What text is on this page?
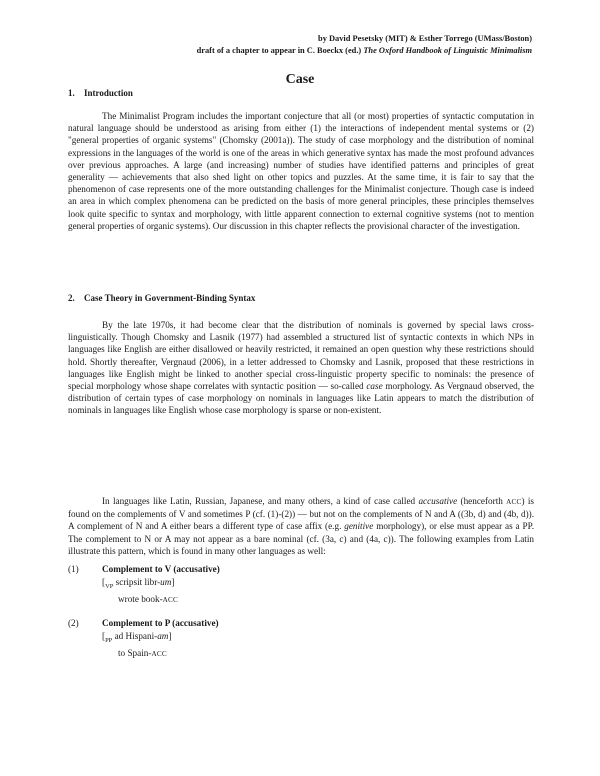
by David Pesetsky (MIT) & Esther Torrego (UMass/Boston)
draft of a chapter to appear in C. Boeckx (ed.) The Oxford Handbook of Linguistic Minimalism
Case
1. Introduction
The Minimalist Program includes the important conjecture that all (or most) properties of syntactic computation in natural language should be understood as arising from either (1) the interactions of independent mental systems or (2) "general properties of organic systems" (Chomsky (2001a)). The study of case morphology and the distribution of nominal expressions in the languages of the world is one of the areas in which generative syntax has made the most profound advances over previous approaches. A large (and increasing) number of studies have identified patterns and principles of great generality — achievements that also shed light on other topics and puzzles. At the same time, it is fair to say that the phenomenon of case represents one of the more outstanding challenges for the Minimalist conjecture. Though case is indeed an area in which complex phenomena can be predicted on the basis of more general principles, these principles themselves look quite specific to syntax and morphology, with little apparent connection to external cognitive systems (not to mention general properties of organic systems). Our discussion in this chapter reflects the provisional character of the investigation.
2. Case Theory in Government-Binding Syntax
By the late 1970s, it had become clear that the distribution of nominals is governed by special laws cross-linguistically. Though Chomsky and Lasnik (1977) had assembled a structured list of syntactic contexts in which NPs in languages like English are either disallowed or heavily restricted, it remained an open question why these restrictions should hold. Shortly thereafter, Vergnaud (2006), in a letter addressed to Chomsky and Lasnik, proposed that these restrictions in languages like English might be linked to another special cross-linguistic property specific to nominals: the presence of special morphology whose shape correlates with syntactic position — so-called case morphology. As Vergnaud observed, the distribution of certain types of case morphology on nominals in languages like Latin appears to match the distribution of nominals in languages like English whose case morphology is sparse or non-existent.
In languages like Latin, Russian, Japanese, and many others, a kind of case called accusative (henceforth ACC) is found on the complements of V and sometimes P (cf. (1)-(2)) — but not on the complements of N and A ((3b, d) and (4b, d)). A complement of N and A either bears a different type of case affix (e.g. genitive morphology), or else must appear as a PP. The complement to N or A may not appear as a bare nominal (cf. (3a, c) and (4a, c)). The following examples from Latin illustrate this pattern, which is found in many other languages as well:
(1)	Complement to V (accusative)
[$_{VP}$ scripsit libr-um]
wrote book-ACC
(2)	Complement to P (accusative)
[$_{PP}$ ad Hispani-am]
to Spain-ACC
